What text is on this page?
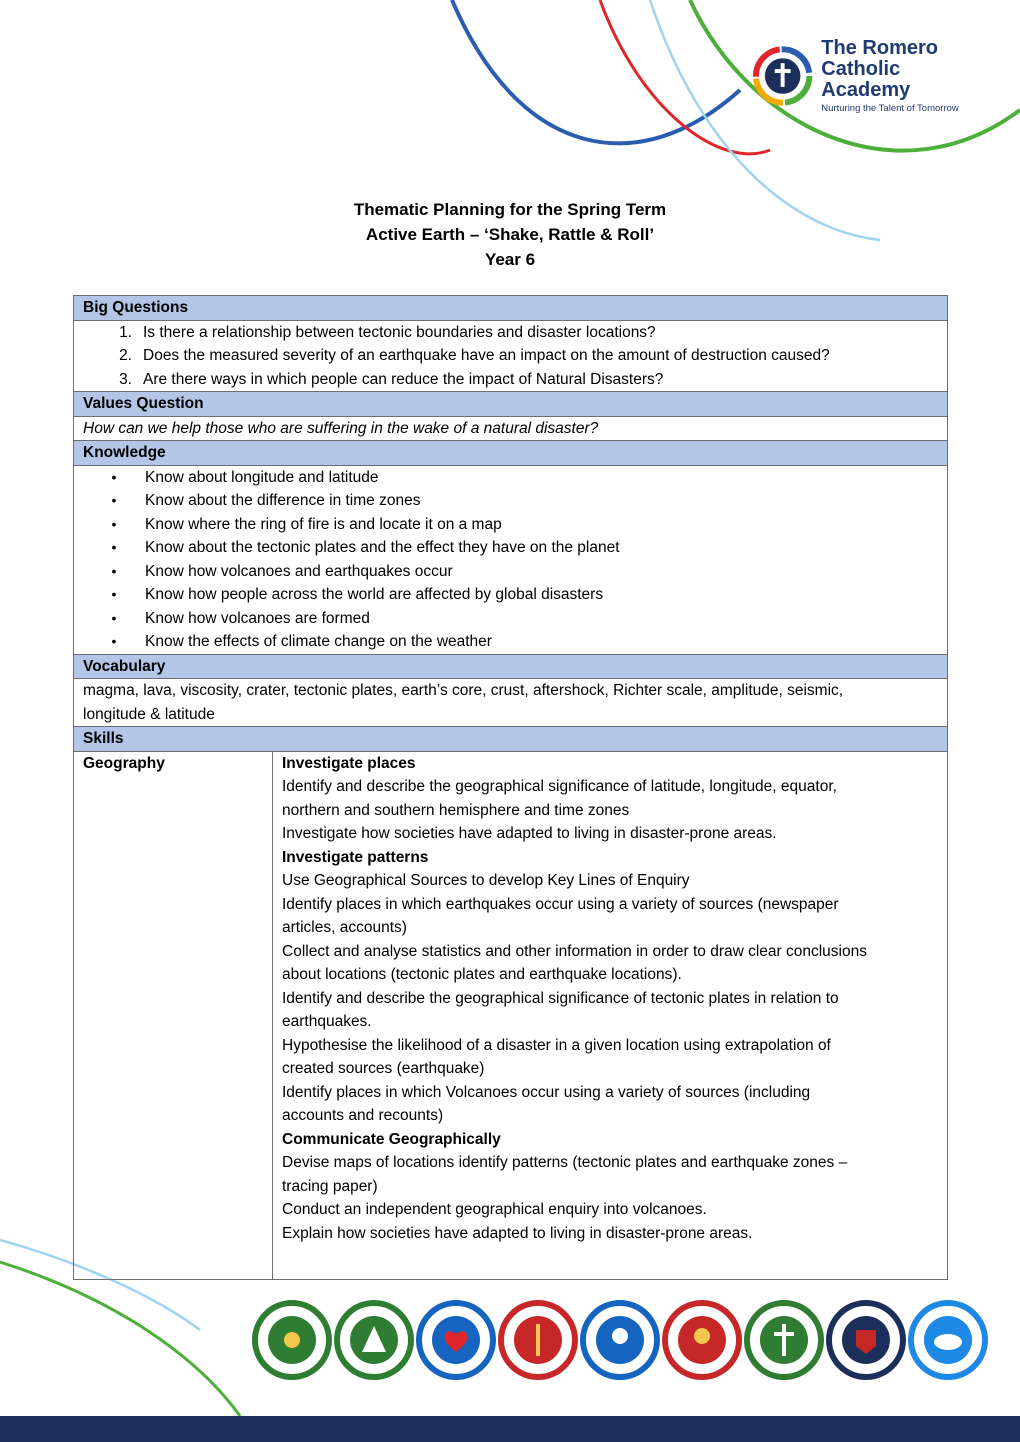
The Romero
Catholic Academy
Nurturing the Talent of Tomorrow
Thematic Planning for the Spring Term
Active Earth – ‘Shake, Rattle & Roll’
Year 6
Big Questions

1. Is there a relationship between tectonic boundaries and disaster locations?
2. Does the measured severity of an earthquake have an impact on the amount of destruction caused?
3. Are there ways in which people can reduce the impact of Natural Disasters?

Values Question
How can we help those who are suffering in the wake of a natural disaster?
Knowledge

•	Know about longitude and latitude
•	Know about the difference in time zones
•	Know where the ring of fire is and locate it on a map
•	Know about the tectonic plates and the effect they have on the planet
•	Know how volcanoes and earthquakes occur
•	Know how people across the world are affected by global disasters
•	Know how volcanoes are formed
•	Know the effects of climate change on the weather

Vocabulary

magma, lava, viscosity, crater, tectonic plates, earth’s core, crust, aftershock, Richter scale, amplitude, seismic,
longitude & latitude

Skills
Geography	Investigate places
Identify and describe the geographical significance of latitude, longitude, equator,
northern and southern hemisphere and time zones
Investigate how societies have adapted to living in disaster-prone areas.
Investigate patterns
Use Geographical Sources to develop Key Lines of Enquiry
Identify places in which earthquakes occur using a variety of sources (newspaper
articles, accounts)
Collect and analyse statistics and other information in order to draw clear conclusions
about locations (tectonic plates and earthquake locations).
Identify and describe the geographical significance of tectonic plates in relation to
earthquakes.
Hypothesise the likelihood of a disaster in a given location using extrapolation of
created sources (earthquake)
Identify places in which Volcanoes occur using a variety of sources (including
accounts and recounts)
Communicate Geographically
Devise maps of locations identify patterns (tectonic plates and earthquake zones –
tracing paper)
Conduct an independent geographical enquiry into volcanoes.
Explain how societies have adapted to living in disaster-prone areas.
